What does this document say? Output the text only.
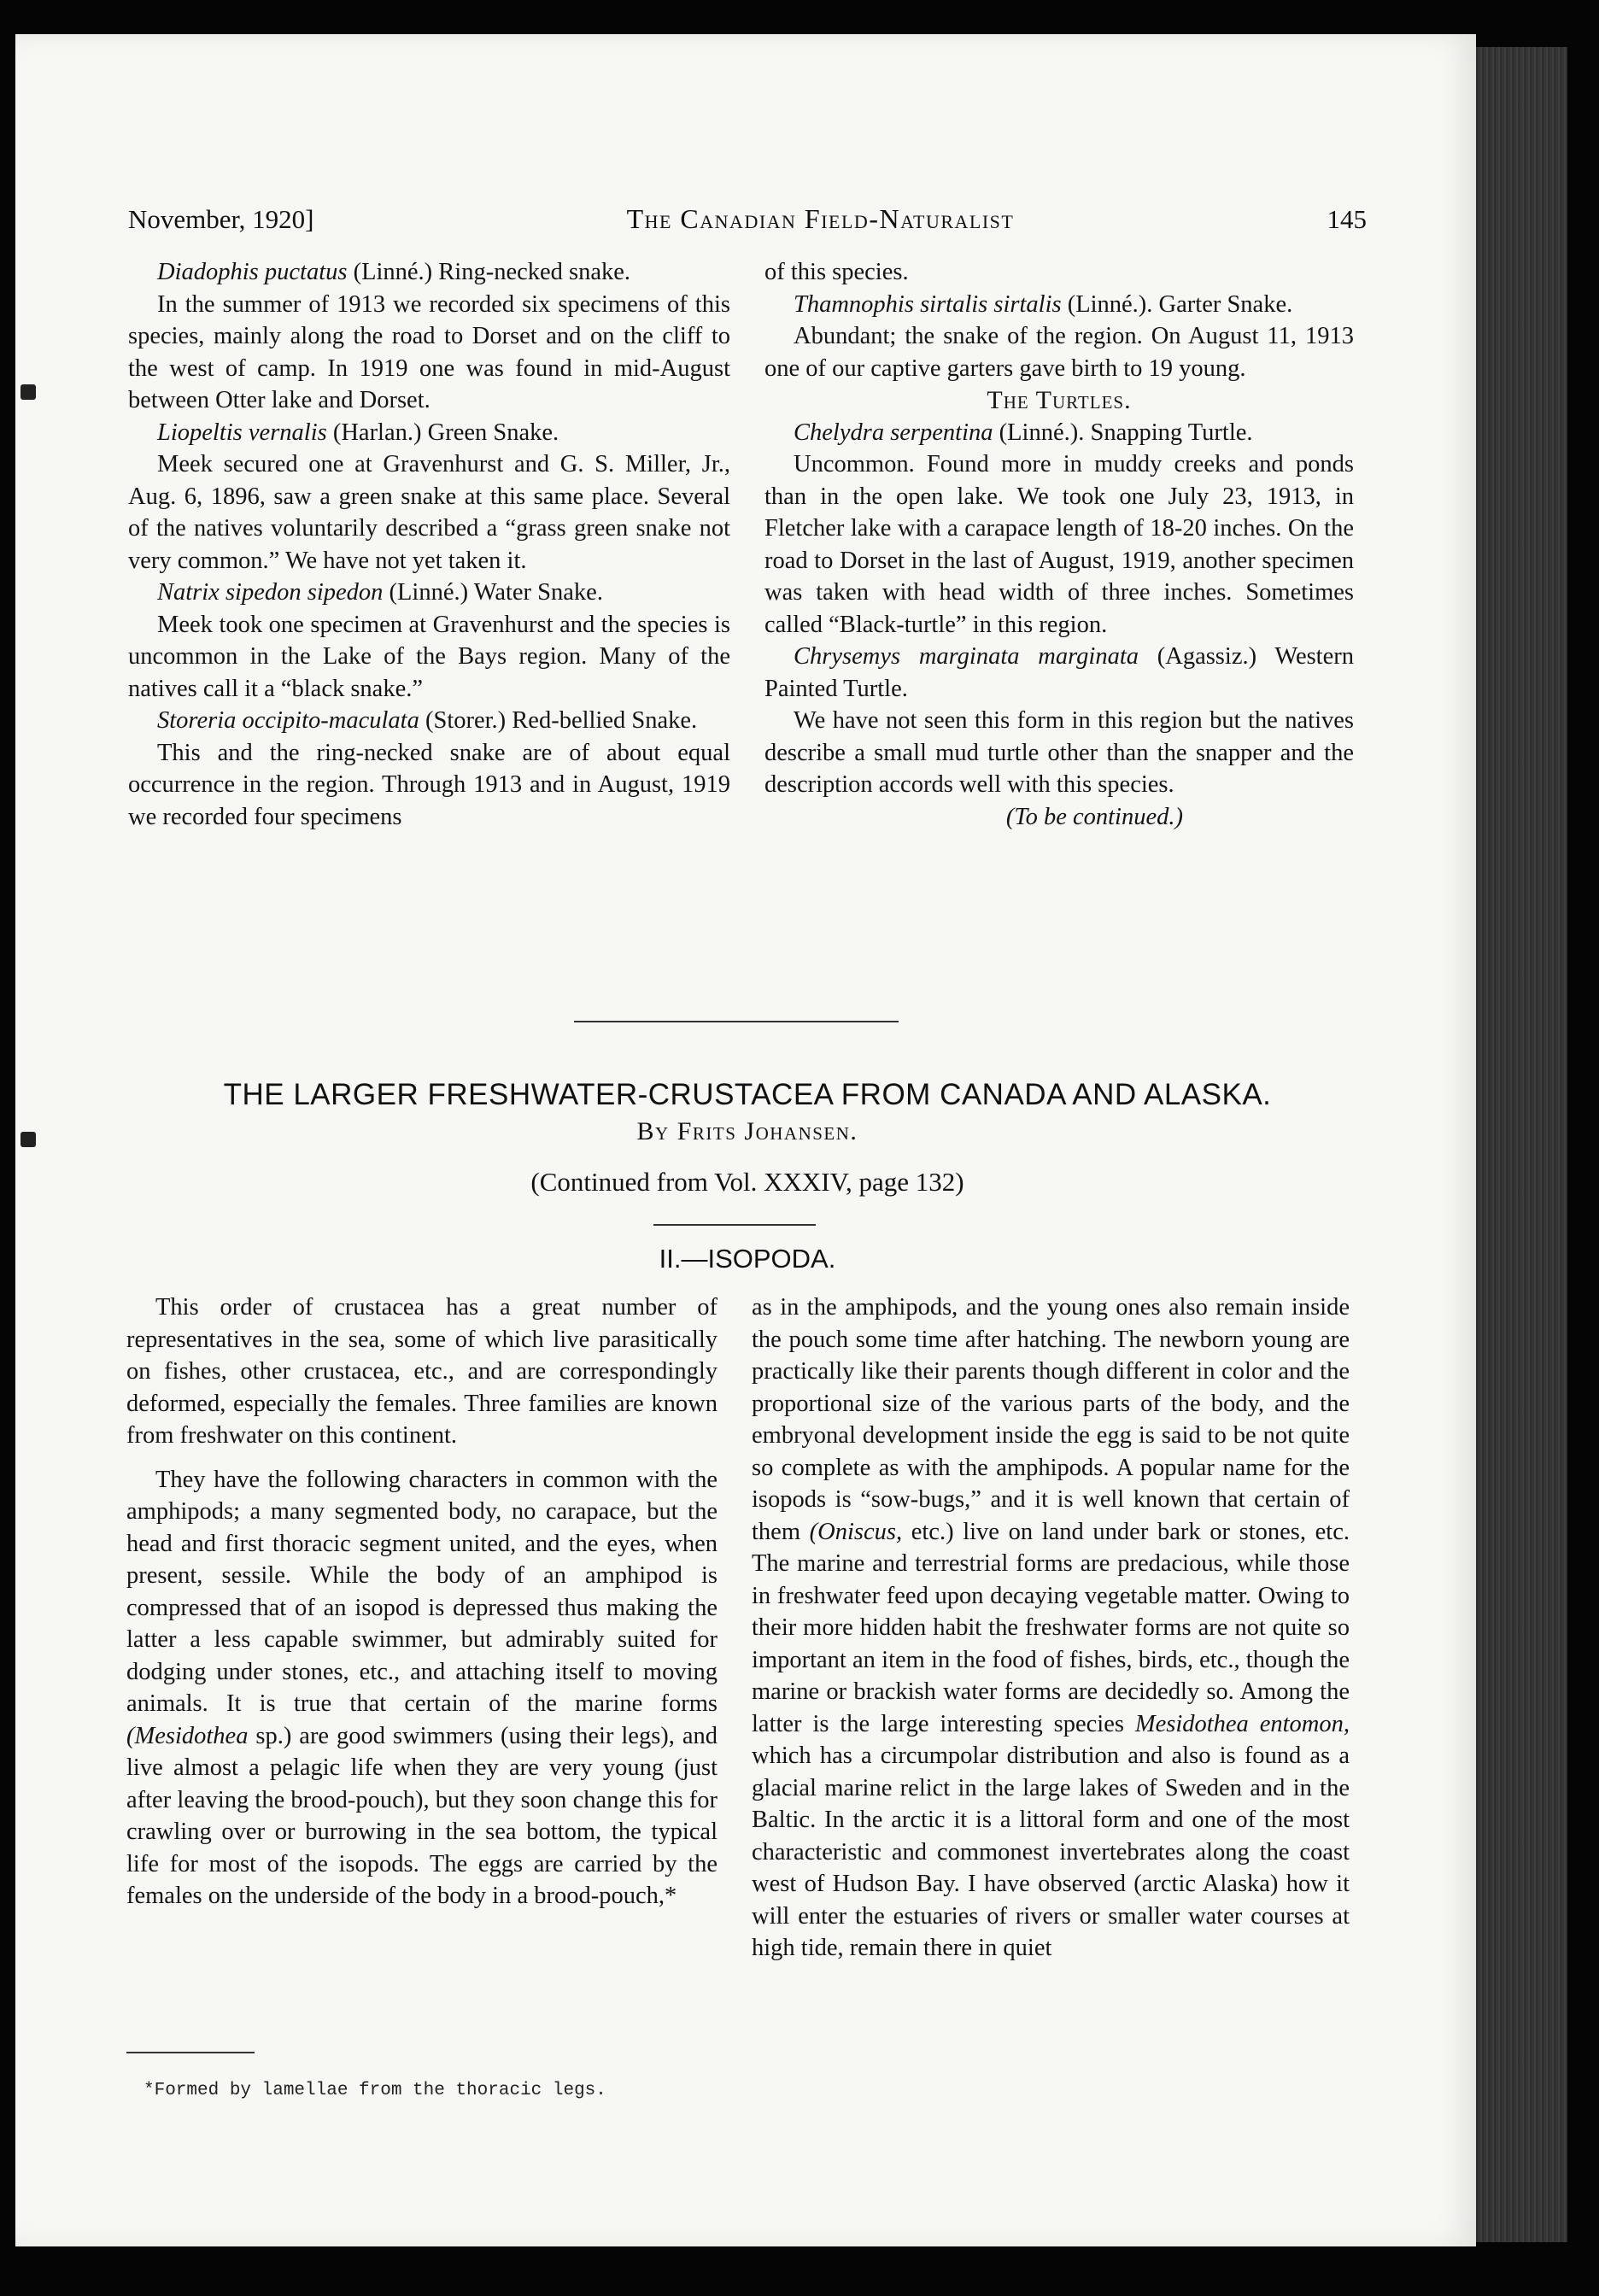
November, 1920]	The Canadian Field-Naturalist	145

Diadophis puctatus (Linné.) Ring-necked snake.

In the summer of 1913 we recorded six specimens of this species, mainly along the road to Dorset and on the cliff to the west of camp. In 1919 one was found in mid-August between Otter lake and Dorset.

Liopeltis vernalis (Harlan.) Green Snake.

Meek secured one at Gravenhurst and G. S. Miller, Jr., Aug. 6, 1896, saw a green snake at this same place. Several of the natives voluntarily described a “grass green snake not very common.” We have not yet taken it.

Natrix sipedon sipedon (Linné.) Water Snake.

Meek took one specimen at Gravenhurst and the species is uncommon in the Lake of the Bays region. Many of the natives call it a “black snake.”

Storeria occipito-maculata (Storer.) Red-bellied Snake.

This and the ring-necked snake are of about equal occurrence in the region. Through 1913 and in August, 1919 we recorded four specimens

of this species.

Thamnophis sirtalis sirtalis (Linné.). Garter Snake.

Abundant; the snake of the region. On August 11, 1913 one of our captive garters gave birth to 19 young.

The Turtles.

Chelydra serpentina (Linné.). Snapping Turtle.

Uncommon. Found more in muddy creeks and ponds than in the open lake. We took one July 23, 1913, in Fletcher lake with a carapace length of 18-20 inches. On the road to Dorset in the last of August, 1919, another specimen was taken with head width of three inches. Sometimes called “Black-turtle” in this region.

Chrysemys marginata marginata (Agassiz.) Western Painted Turtle.

We have not seen this form in this region but the natives describe a small mud turtle other than the snapper and the description accords well with this species.

(To be continued.)

THE LARGER FRESHWATER-CRUSTACEA FROM CANADA AND ALASKA.
By Frits Johansen.
(Continued from Vol. XXXIV, page 132)
II.—ISOPODA.

This order of crustacea has a great number of representatives in the sea, some of which live parasitically on fishes, other crustacea, etc., and are correspondingly deformed, especially the females. Three families are known from freshwater on this continent.

They have the following characters in common with the amphipods; a many segmented body, no carapace, but the head and first thoracic segment united, and the eyes, when present, sessile. While the body of an amphipod is compressed that of an isopod is depressed thus making the latter a less capable swimmer, but admirably suited for dodging under stones, etc., and attaching itself to moving animals. It is true that certain of the marine forms (Mesidothea sp.) are good swimmers (using their legs), and live almost a pelagic life when they are very young (just after leaving the brood-pouch), but they soon change this for crawling over or burrowing in the sea bottom, the typical life for most of the isopods. The eggs are carried by the females on the underside of the body in a brood-pouch,*

as in the amphipods, and the young ones also remain inside the pouch some time after hatching. The newborn young are practically like their parents though different in color and the proportional size of the various parts of the body, and the embryonal development inside the egg is said to be not quite so complete as with the amphipods. A popular name for the isopods is “sow-bugs,” and it is well known that certain of them (Oniscus, etc.) live on land under bark or stones, etc. The marine and terrestrial forms are predacious, while those in freshwater feed upon decaying vegetable matter. Owing to their more hidden habit the freshwater forms are not quite so important an item in the food of fishes, birds, etc., though the marine or brackish water forms are decidedly so. Among the latter is the large interesting species Mesidothea entomon, which has a circumpolar distribution and also is found as a glacial marine relict in the large lakes of Sweden and in the Baltic. In the arctic it is a littoral form and one of the most characteristic and commonest invertebrates along the coast west of Hudson Bay. I have observed (arctic Alaska) how it will enter the estuaries of rivers or smaller water courses at high tide, remain there in quiet

*Formed by lamellae from the thoracic legs.
